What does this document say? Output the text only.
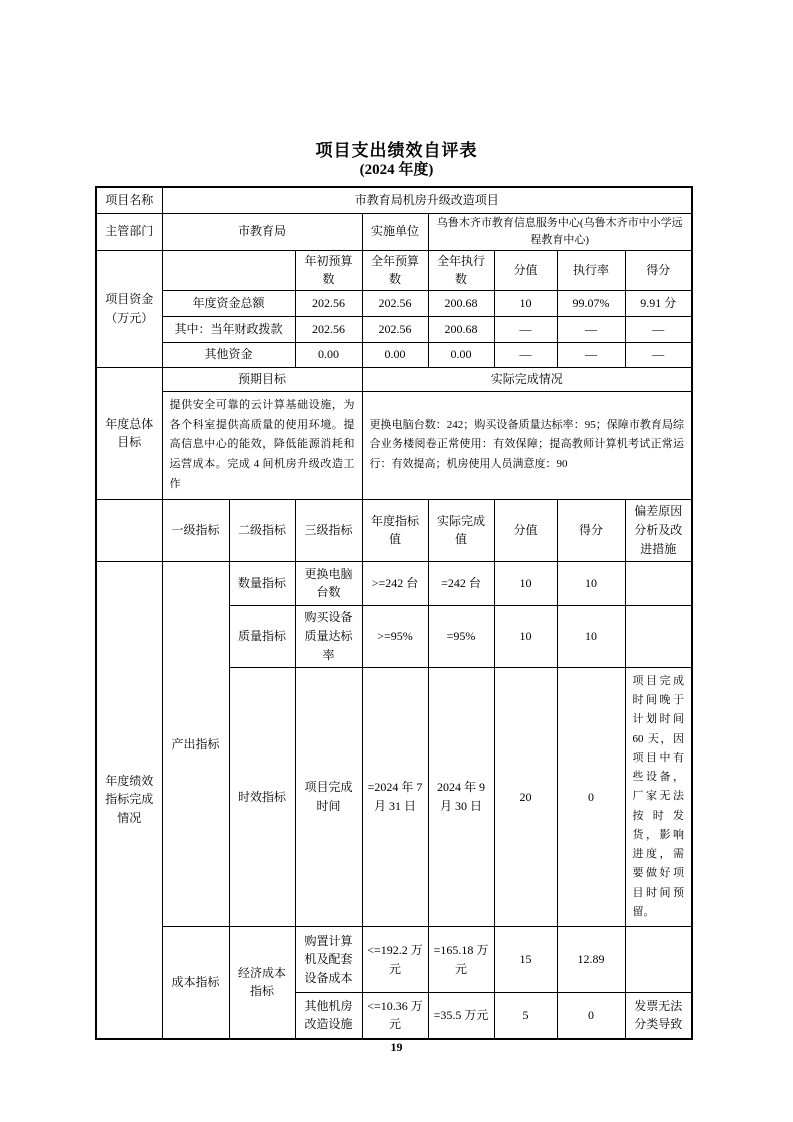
项目支出绩效自评表
(2024 年度)
项目名称	市教育局机房升级改造项目							
主管部门	市教育局			实施单位	乌鲁木齐市教育信息服务中心(乌鲁木齐市中小学远程教育中心)			
项目资金（万元）			年初预算数	全年预算数	全年执行数	分值	执行率	得分
	年度资金总额		202.56	202.56	200.68	10	99.07%	9.91 分
	其中：当年财政拨款		202.56	202.56	200.68	—	—	—
	其他资金		0.00	0.00	0.00	—	—	—
年度总体目标	预期目标			实际完成情况				
	提供安全可靠的云计算基础设施，为各个科室提供高质量的使用环境。提高信息中心的能效，降低能源消耗和运营成本。完成 4 间机房升级改造工作			更换电脑台数：242；购买设备质量达标率：95；保障市教育局综合业务楼阅卷正常使用：有效保障；提高教师计算机考试正常运行：有效提高；机房使用人员满意度：90				
	一级指标	二级指标	三级指标	年度指标值	实际完成值	分值	得分	偏差原因分析及改进措施
年度绩效指标完成情况	产出指标	数量指标	更换电脑台数	>=242 台	=242 台	10	10	
		质量指标	购买设备质量达标率	>=95%	=95%	10	10	
		时效指标	项目完成时间	=2024 年 7 月 31 日	2024 年 9 月 30 日	20	0	项目完成时间晚于计划时间 60 天，因项目中有些设备，厂家无法按时发货，影响进度，需要做好项目时间预留。
	成本指标	经济成本指标	购置计算机及配套设备成本	<=192.2 万元	=165.18 万元	15	12.89	
			其他机房改造设施	<=10.36 万元	=35.5 万元	5	0	发票无法分类导致
19
